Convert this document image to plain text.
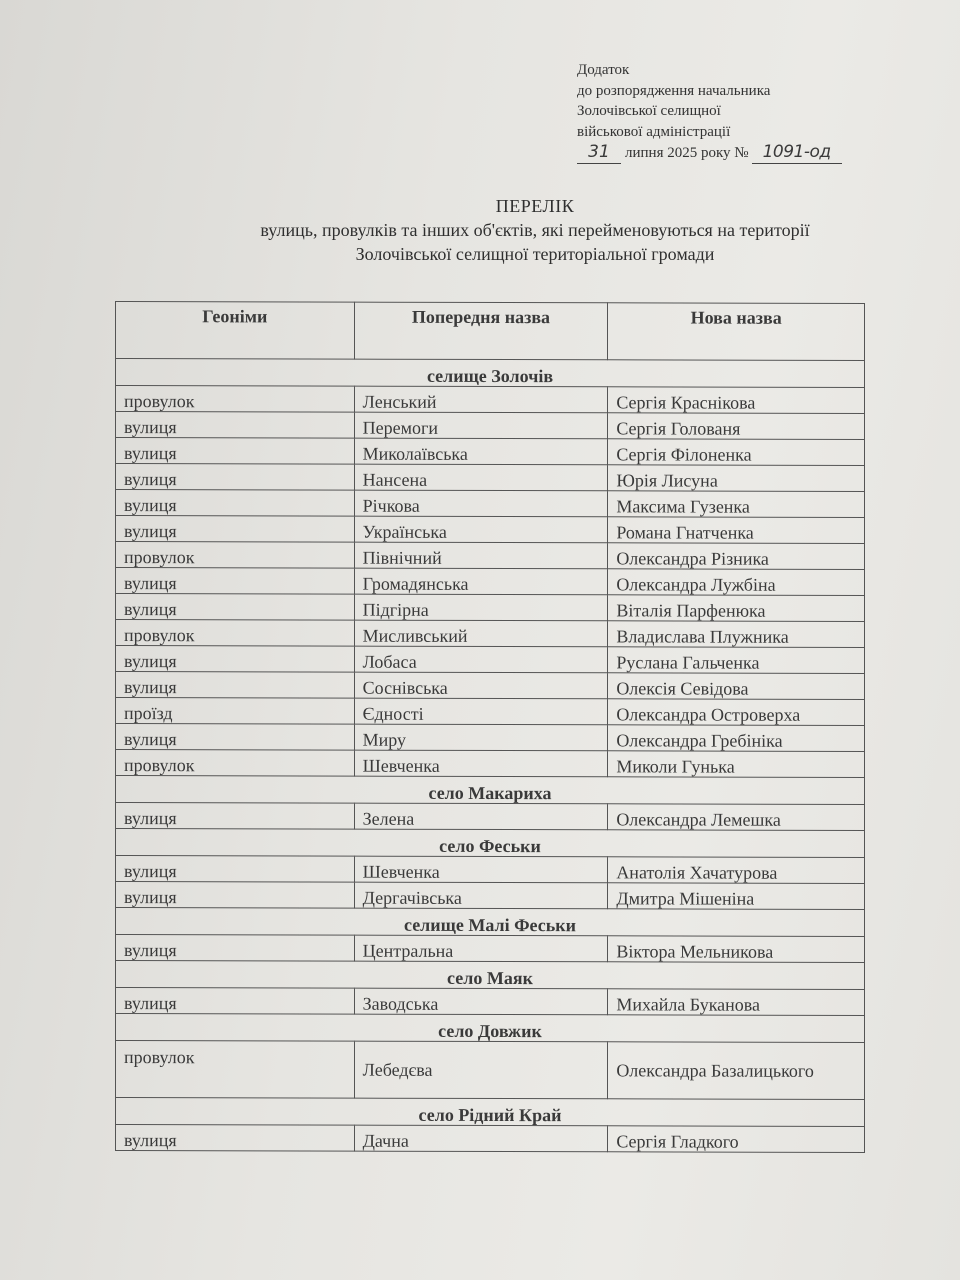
Додаток
до розпорядження начальника
Золочівської селищної
військової адміністрації
31 липня 2025 року № 1091-од
ПЕРЕЛІК
вулиць, провулків та інших об'єктів, які перейменовуються на території
Золочівської селищної територіальної громади
Геоніми	Попередня назва	Нова назва
селище Золочів		
провулок	Ленський	Сергія Краснікова
вулиця	Перемоги	Сергія Голованя
вулиця	Миколаївська	Сергія Філоненка
вулиця	Нансена	Юрія Лисуна
вулиця	Річкова	Максима Гузенка
вулиця	Українська	Романа Гнатченка
провулок	Північний	Олександра Різника
вулиця	Громадянська	Олександра Лужбіна
вулиця	Підгірна	Віталія Парфенюка
провулок	Мисливський	Владислава Плужника
вулиця	Лобаса	Руслана Гальченка
вулиця	Соснівська	Олексія Севідова
проїзд	Єдності	Олександра Островерха
вулиця	Миру	Олександра Гребініка
провулок	Шевченка	Миколи Гунька
село Макариха		
вулиця	Зелена	Олександра Лемешка
село Феськи		
вулиця	Шевченка	Анатолія Хачатурова
вулиця	Дергачівська	Дмитра Мішеніна
селище Малі Феськи		
вулиця	Центральна	Віктора Мельникова
село Маяк		
вулиця	Заводська	Михайла Буканова
село Довжик		
провулок	Лебедєва	Олександра Базалицького
село Рідний Край		
вулиця	Дачна	Сергія Гладкого
